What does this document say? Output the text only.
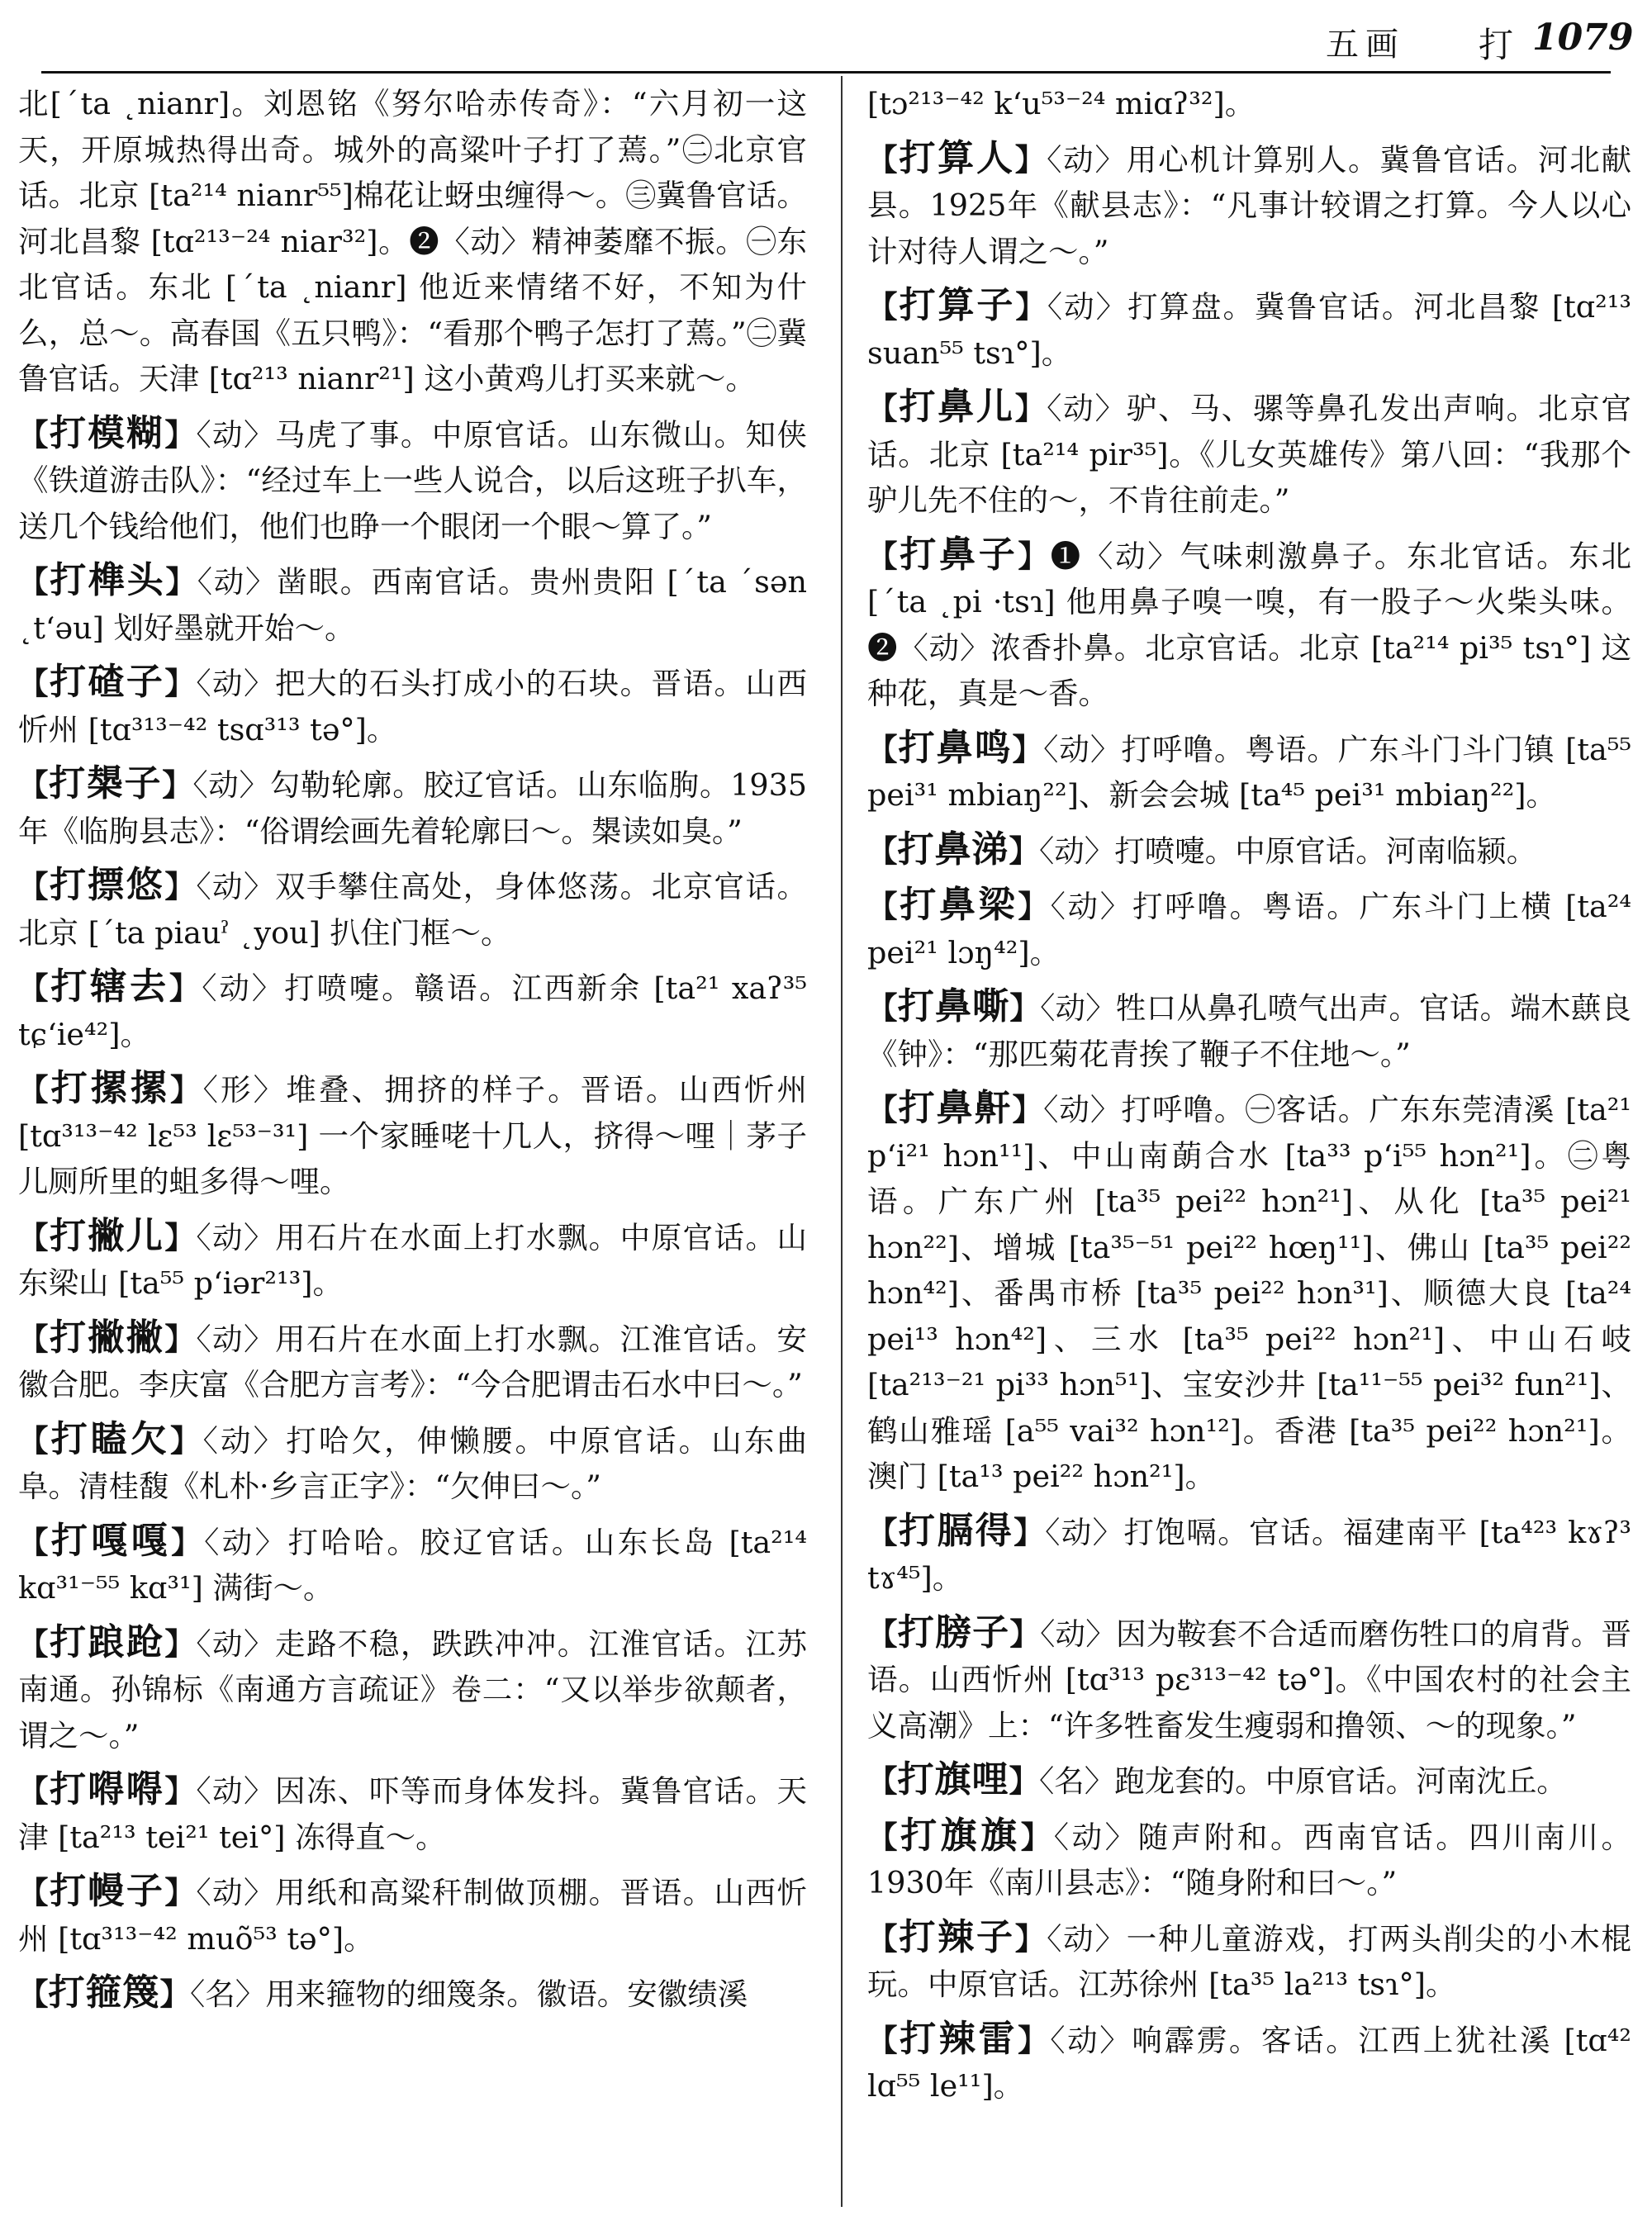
五画 打 1079

北[ˊta ˛nianr]。刘恩铭《努尔哈赤传奇》：“六月初一这天，开原城热得出奇。城外的高粱叶子打了蔫。”㊁北京官话。北京 [ta²¹⁴ nianr⁵⁵]棉花让蚜虫缠得～。㊂冀鲁官话。河北昌黎 [tɑ²¹³⁻²⁴ niar³²]。❷〈动〉精神萎靡不振。㊀东北官话。东北 [ˊta ˛nianr] 他近来情绪不好，不知为什么，总～。高春国《五只鸭》：“看那个鸭子怎打了蔫。”㊁冀鲁官话。天津 [tɑ²¹³ nianr²¹] 这小黄鸡儿打买来就～。

【打模糊】〈动〉马虎了事。中原官话。山东微山。知侠《铁道游击队》：“经过车上一些人说合，以后这班子扒车，送几个钱给他们，他们也睁一个眼闭一个眼～算了。”

【打榫头】〈动〉凿眼。西南官话。贵州贵阳 [ˊta ˊsən ˛tʻəu] 划好墨就开始～。

【打碴子】〈动〉把大的石头打成小的石块。晋语。山西忻州 [tɑ³¹³⁻⁴² tsɑ³¹³ tə°]。

【打槼子】〈动〉勾勒轮廓。胶辽官话。山东临朐。1935年《临朐县志》：“俗谓绘画先着轮廓曰～。槼读如臭。”

【打摽悠】〈动〉双手攀住高处，身体悠荡。北京官话。北京 [ˊta piauˀ ˛you] 扒住门框～。

【打辖去】〈动〉打喷嚏。赣语。江西新余 [ta²¹ xaʔ³⁵ tɕʻie⁴²]。

【打摞摞】〈形〉堆叠、拥挤的样子。晋语。山西忻州 [tɑ³¹³⁻⁴² lɛ⁵³ lɛ⁵³⁻³¹] 一个家睡咾十几人，挤得～哩｜茅子儿厕所里的蛆多得～哩。

【打撇儿】〈动〉用石片在水面上打水飘。中原官话。山东梁山 [ta⁵⁵ pʻiər²¹³]。

【打撇撇】〈动〉用石片在水面上打水飘。江淮官话。安徽合肥。李庆富《合肥方言考》：“今合肥谓击石水中曰～。”

【打瞌欠】〈动〉打哈欠，伸懒腰。中原官话。山东曲阜。清桂馥《札朴·乡言正字》：“欠伸曰～。”

【打嘎嘎】〈动〉打哈哈。胶辽官话。山东长岛 [ta²¹⁴ kɑ³¹⁻⁵⁵ kɑ³¹] 满街～。

【打踉跄】〈动〉走路不稳，跌跌冲冲。江淮官话。江苏南通。孙锦标《南通方言疏证》卷二：“又以举步欲颠者，谓之～。”

【打嘚嘚】〈动〉因冻、吓等而身体发抖。冀鲁官话。天津 [ta²¹³ tei²¹ tei°] 冻得直～。

【打幔子】〈动〉用纸和高粱秆制做顶棚。晋语。山西忻州 [tɑ³¹³⁻⁴² muõ⁵³ tə°]。

【打箍篾】〈名〉用来箍物的细篾条。徽语。安徽绩溪

[tɔ²¹³⁻⁴² kʻu⁵³⁻²⁴ miɑʔ³²]。

【打算人】〈动〉用心机计算别人。冀鲁官话。河北献县。1925年《献县志》：“凡事计较谓之打算。今人以心计对待人谓之～。”

【打算子】〈动〉打算盘。冀鲁官话。河北昌黎 [tɑ²¹³ suan⁵⁵ tsɿ°]。

【打鼻儿】〈动〉驴、马、骡等鼻孔发出声响。北京官话。北京 [ta²¹⁴ pir³⁵]。《儿女英雄传》第八回：“我那个驴儿先不住的～，不肯往前走。”

【打鼻子】❶〈动〉气味刺激鼻子。东北官话。东北 [ˊta ˛pi ·tsɿ] 他用鼻子嗅一嗅，有一股子～火柴头味。❷〈动〉浓香扑鼻。北京官话。北京 [ta²¹⁴ pi³⁵ tsɿ°] 这种花，真是～香。

【打鼻鸣】〈动〉打呼噜。粤语。广东斗门斗门镇 [ta⁵⁵ pei³¹ mbiaŋ²²]、新会会城 [ta⁴⁵ pei³¹ mbiaŋ²²]。

【打鼻涕】〈动〉打喷嚏。中原官话。河南临颍。

【打鼻梁】〈动〉打呼噜。粤语。广东斗门上横 [ta²⁴ pei²¹ lɔŋ⁴²]。

【打鼻嘶】〈动〉牲口从鼻孔喷气出声。官话。端木蕻良《钟》：“那匹菊花青挨了鞭子不住地～。”

【打鼻鼾】〈动〉打呼噜。㊀客话。广东东莞清溪 [ta²¹ pʻi²¹ hɔn¹¹]、中山南蓢合水 [ta³³ pʻi⁵⁵ hɔn²¹]。㊁粤语。广东广州 [ta³⁵ pei²² hɔn²¹]、从化 [ta³⁵ pei²¹ hɔn²²]、增城 [ta³⁵⁻⁵¹ pei²² hœŋ¹¹]、佛山 [ta³⁵ pei²² hɔn⁴²]、番禺市桥 [ta³⁵ pei²² hɔn³¹]、顺德大良 [ta²⁴ pei¹³ hɔn⁴²]、三水 [ta³⁵ pei²² hɔn²¹]、中山石岐 [ta²¹³⁻²¹ pi³³ hɔn⁵¹]、宝安沙井 [ta¹¹⁻⁵⁵ pei³² fun²¹]、鹤山雅瑶 [a⁵⁵ vai³² hɔn¹²]。香港 [ta³⁵ pei²² hɔn²¹]。澳门 [ta¹³ pei²² hɔn²¹]。

【打膈得】〈动〉打饱嗝。官话。福建南平 [ta⁴²³ kɤʔ³ tɤ⁴⁵]。

【打膀子】〈动〉因为鞍套不合适而磨伤牲口的肩背。晋语。山西忻州 [tɑ³¹³ pɛ³¹³⁻⁴² tə°]。《中国农村的社会主义高潮》上：“许多牲畜发生瘦弱和撸领、～的现象。”

【打旗哩】〈名〉跑龙套的。中原官话。河南沈丘。

【打旗旗】〈动〉随声附和。西南官话。四川南川。1930年《南川县志》：“随身附和曰～。”

【打辣子】〈动〉一种儿童游戏，打两头削尖的小木棍玩。中原官话。江苏徐州 [ta³⁵ la²¹³ tsɿ°]。

【打辣雷】〈动〉响霹雳。客话。江西上犹社溪 [tɑ⁴² lɑ⁵⁵ le¹¹]。
